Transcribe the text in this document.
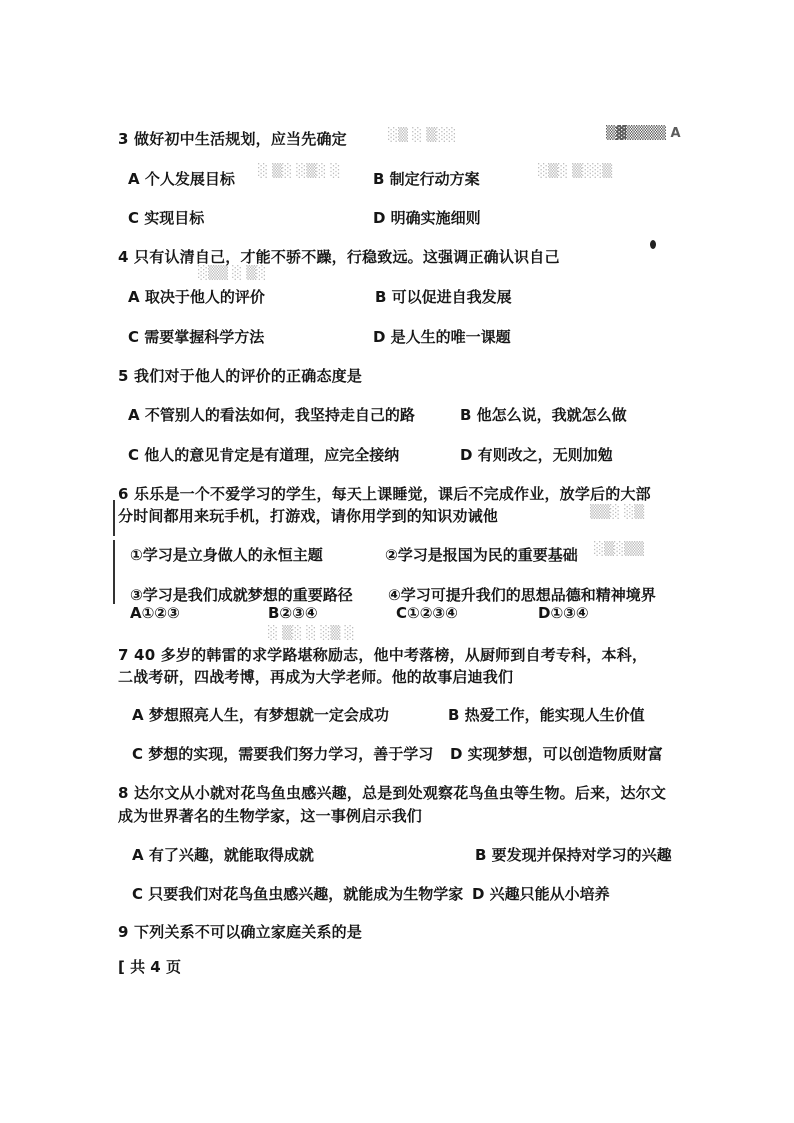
3 做好初中生活规划，应当先确定	░▒ ░ ▒░░	▒▓▒▒▒▒ A
A 个人发展目标 ░ ▒░ ░▒░ ░ B 制定行动方案	░▒░ ▒░░▒
C 实现目标	D 明确实施细则
4 只有认清自己，才能不骄不躁，行稳致远。这强调正确认识自己
░▒▒ ░ ▒░
A 取决于他人的评价	B 可以促进自我发展
C 需要掌握科学方法	D 是人生的唯一课题
5 我们对于他人的评价的正确态度是
A 不管别人的看法如何，我坚持走自己的路	B 他怎么说，我就怎么做
C 他人的意见肯定是有道理，应完全接纳	D 有则改之，无则加勉
6 乐乐是一个不爱学习的学生，每天上课睡觉，课后不完成作业，放学后的大部
分时间都用来玩手机，打游戏，请你用学到的知识劝诫他	▒▒░ ░▒
①学习是立身做人的永恒主题	②学习是报国为民的重要基础 ░▒░▒▒
③学习是我们成就梦想的重要路径 ④学习可提升我们的思想品德和精神境界
A①②③	B②③④	C①②③④	D①③④
░ ▒░ ░ ░▒ ░
7 40 多岁的韩雷的求学路堪称励志，他中考落榜，从厨师到自考专科，本科，
二战考研，四战考博，再成为大学老师。他的故事启迪我们
A 梦想照亮人生，有梦想就一定会成功	B 热爱工作，能实现人生价值
C 梦想的实现，需要我们努力学习，善于学习 D 实现梦想，可以创造物质财富
8 达尔文从小就对花鸟鱼虫感兴趣，总是到处观察花鸟鱼虫等生物。后来，达尔文
成为世界著名的生物学家，这一事例启示我们
A 有了兴趣，就能取得成就	B 要发现并保持对学习的兴趣
C 只要我们对花鸟鱼虫感兴趣，就能成为生物学家 D 兴趣只能从小培养
9 下列关系不可以确立家庭关系的是
[ 共 4 页
